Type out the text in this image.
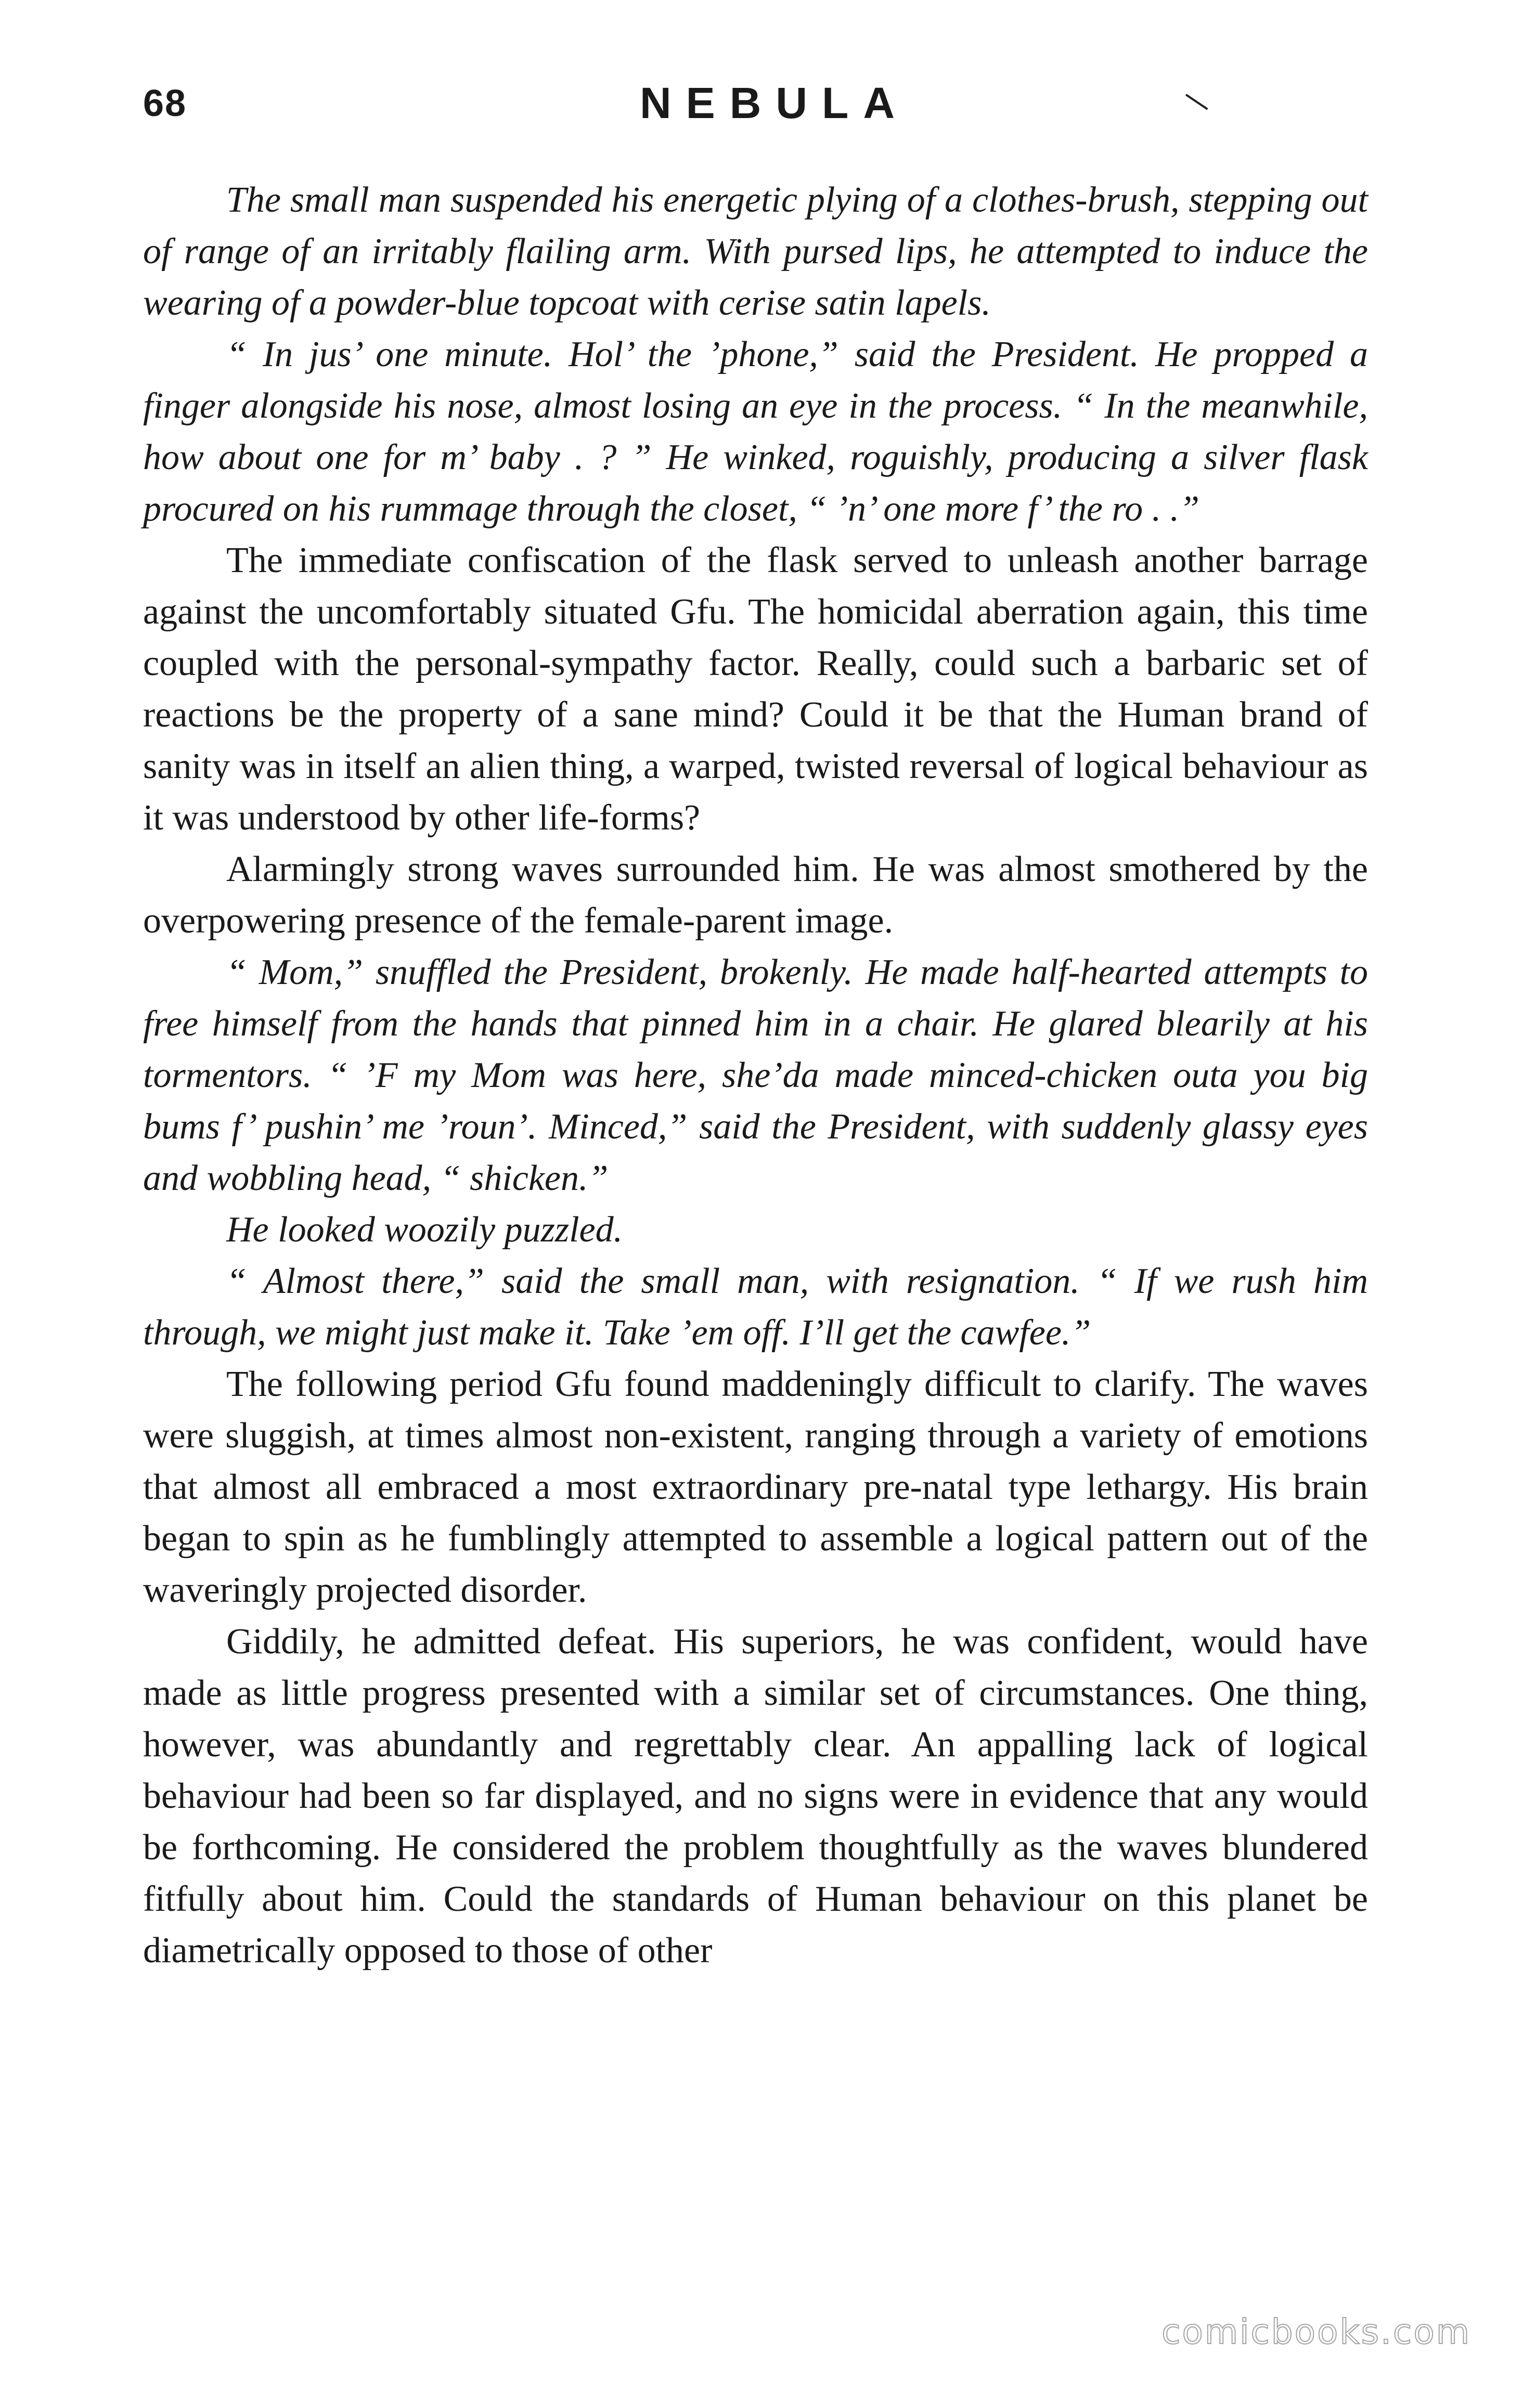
68	NEBULA

The small man suspended his energetic plying of a clothes-brush, stepping out of range of an irritably flailing arm. With pursed lips, he attempted to induce the wearing of a powder-blue topcoat with cerise satin lapels.

“ In jus’ one minute. Hol’ the ’phone,” said the President. He propped a finger alongside his nose, almost losing an eye in the process. “ In the meanwhile, how about one for m’ baby . ? ” He winked, roguishly, producing a silver flask procured on his rummage through the closet, “ ’n’ one more f’ the ro . .”

The immediate confiscation of the flask served to unleash another barrage against the uncomfortably situated Gfu. The homicidal aberration again, this time coupled with the personal-sympathy factor. Really, could such a barbaric set of reactions be the property of a sane mind? Could it be that the Human brand of sanity was in itself an alien thing, a warped, twisted reversal of logical behaviour as it was understood by other life-forms?

Alarmingly strong waves surrounded him. He was almost smothered by the overpowering presence of the female-parent image.

“ Mom,” snuffled the President, brokenly. He made half-hearted attempts to free himself from the hands that pinned him in a chair. He glared blearily at his tormentors. “ ’F my Mom was here, she’da made minced-chicken outa you big bums f’ pushin’ me ’roun’. Minced,” said the President, with suddenly glassy eyes and wobbling head, “ shicken.”

He looked woozily puzzled.

“ Almost there,” said the small man, with resignation. “ If we rush him through, we might just make it. Take ’em off. I’ll get the cawfee.”

The following period Gfu found maddeningly difficult to clarify. The waves were sluggish, at times almost non-existent, ranging through a variety of emotions that almost all embraced a most extraordinary pre-natal type lethargy. His brain began to spin as he fumblingly attempted to assemble a logical pattern out of the waveringly projected disorder.

Giddily, he admitted defeat. His superiors, he was confident, would have made as little progress presented with a similar set of circumstances. One thing, however, was abundantly and regrettably clear. An appalling lack of logical behaviour had been so far displayed, and no signs were in evidence that any would be forthcoming. He considered the problem thoughtfully as the waves blundered fitfully about him. Could the standards of Human behaviour on this planet be diametrically opposed to those of other

comicbooks.com
